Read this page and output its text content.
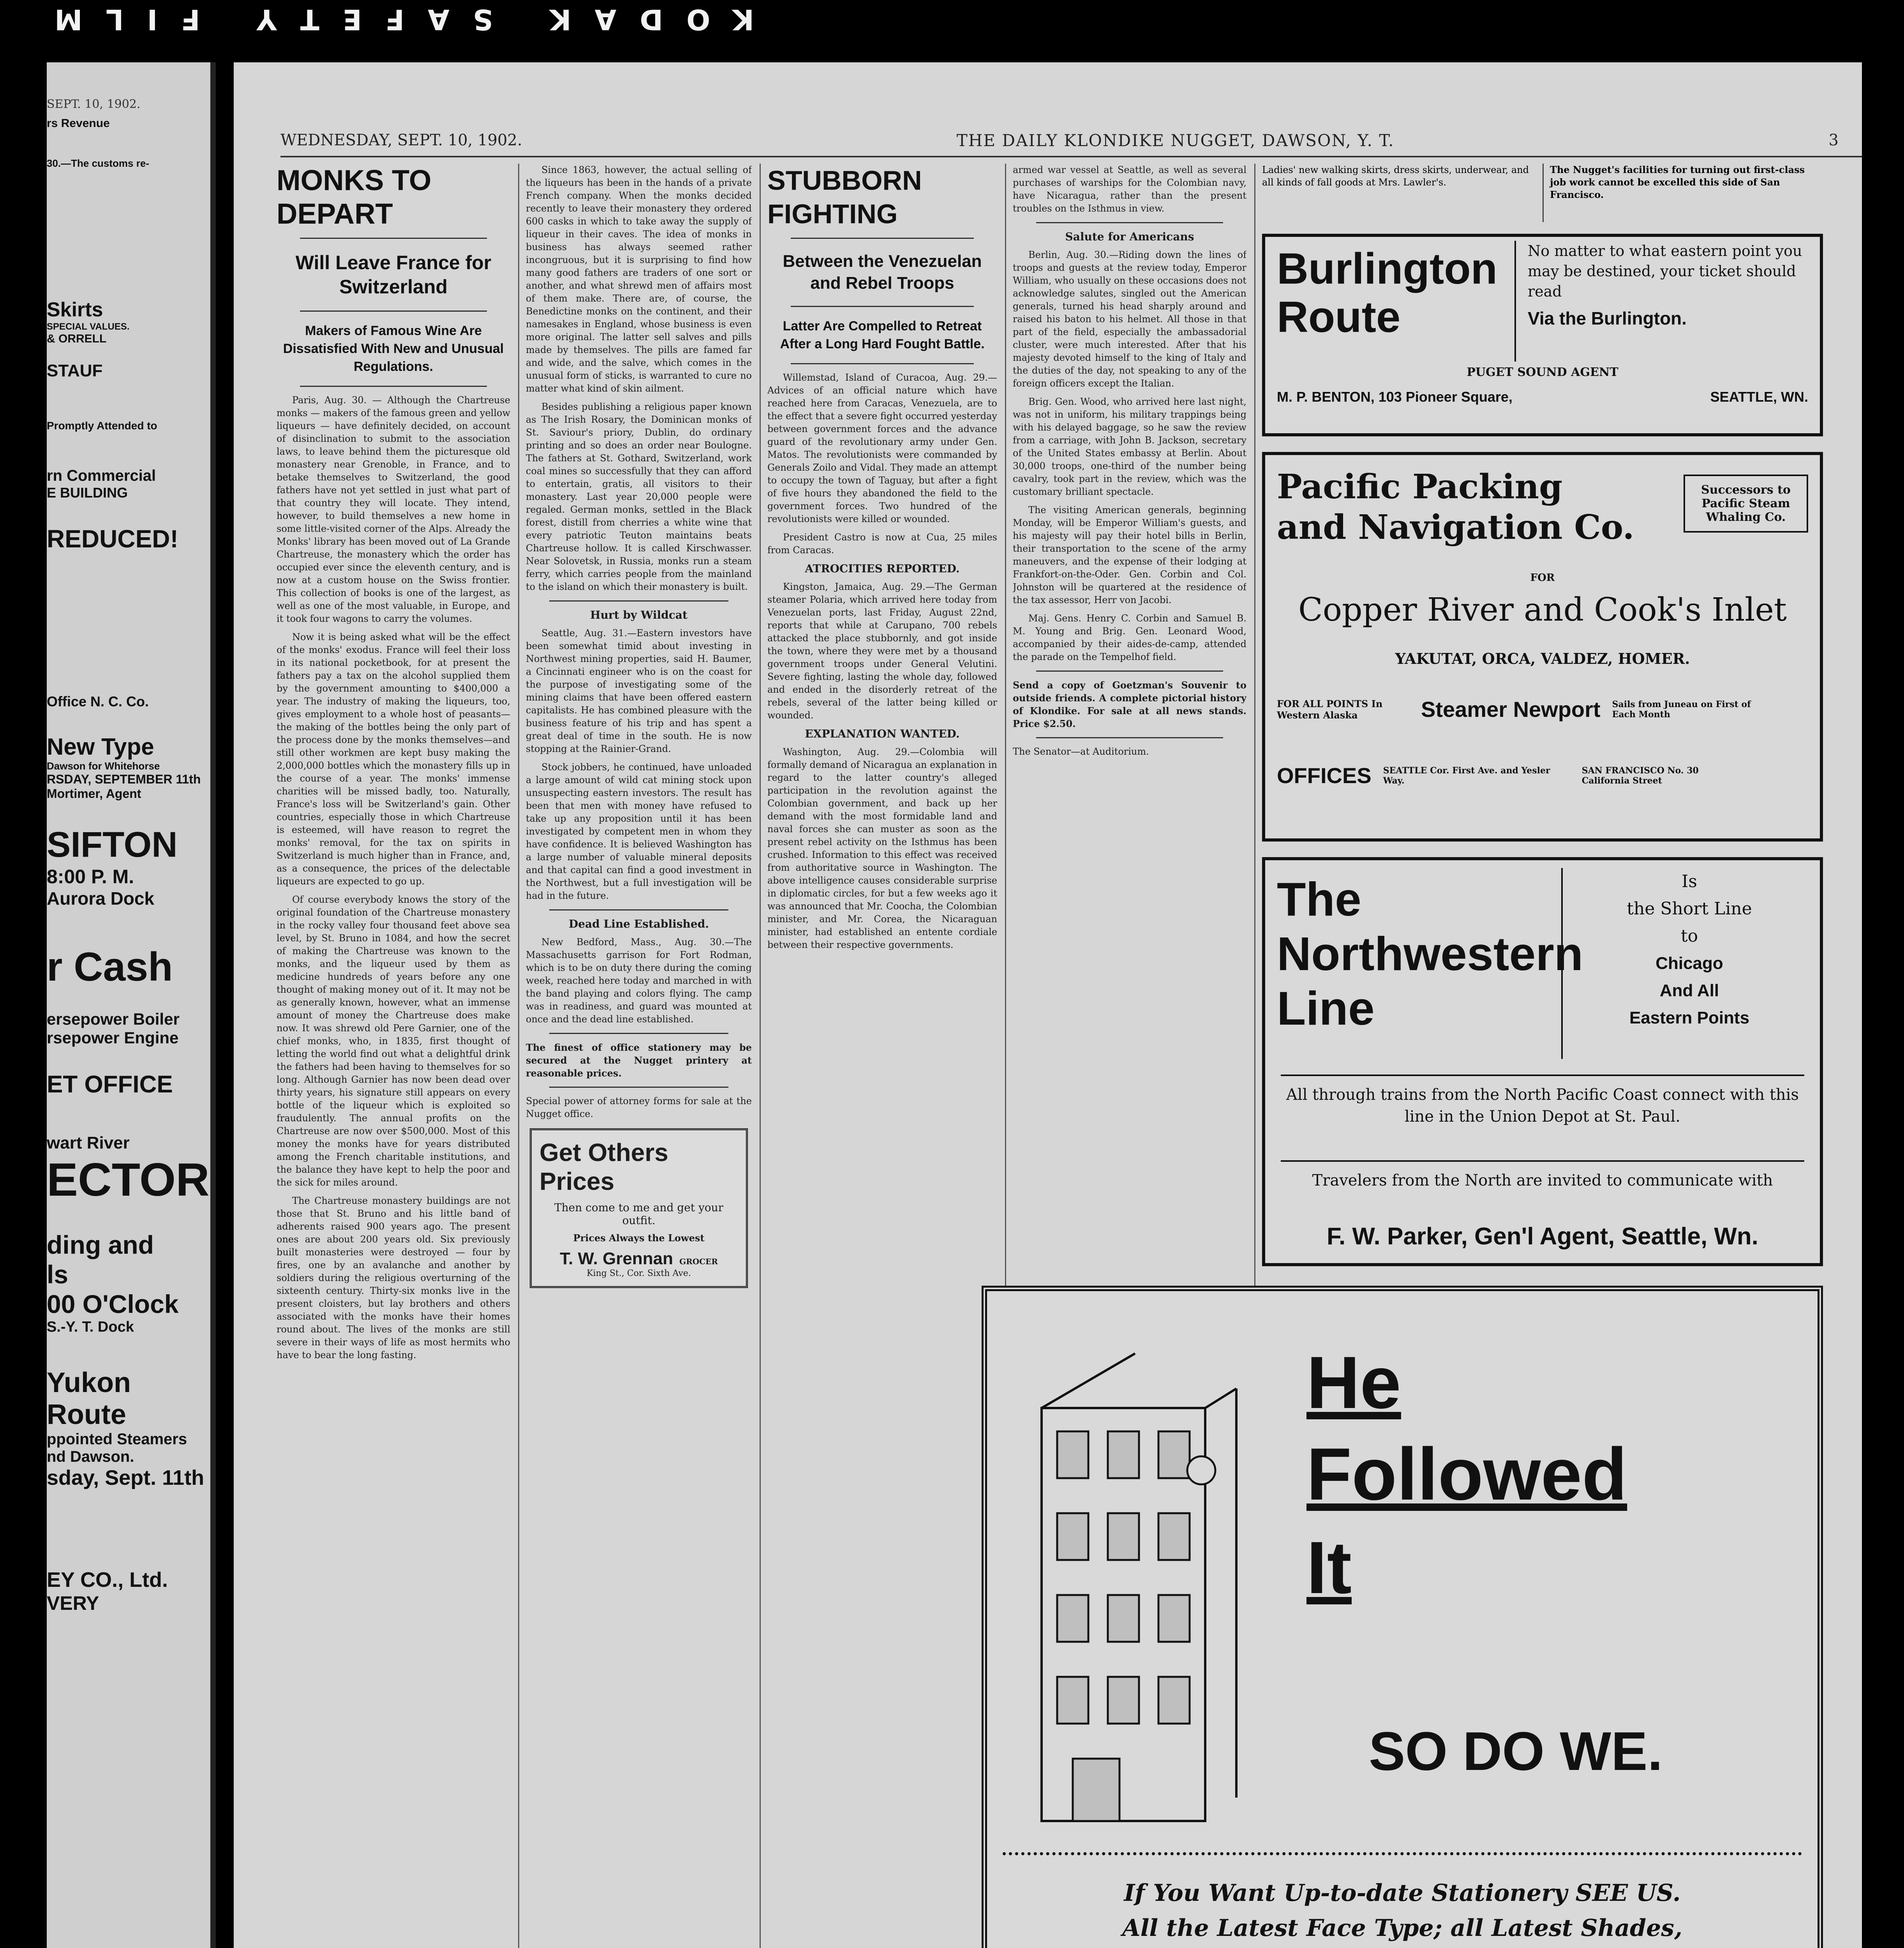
KODAK SAFETY FILM
SEPT. 10, 1902.

rs Revenue

30.—The customs re-

Skirts

SPECIAL VALUES.

& ORRELL

STAUF

Promptly Attended to

rn Commercial

E BUILDING

REDUCED!

Office N. C. Co.

New Type

Dawson for Whitehorse

RSDAY, SEPTEMBER 11th

Mortimer, Agent

SIFTON

8:00 P. M.

Aurora Dock

r Cash

ersepower Boiler

rsepower Engine

ET OFFICE

wart River

ECTOR

ding and

ls

00 O'Clock

S.-Y. T. Dock

Yukon Route

ppointed Steamers

nd Dawson.

sday, Sept. 11th

EY CO., Ltd.

VERY

WEDNESDAY, SEPT. 10, 1902.	THE DAILY KLONDIKE NUGGET, DAWSON, Y. T.	3
MONKS TO DEPART
Will Leave France for Switzerland
Makers of Famous Wine Are Dissatisfied With New and Unusual Regulations.

Paris, Aug. 30. — Although the Chartreuse monks — makers of the famous green and yellow liqueurs — have definitely decided, on account of disinclination to submit to the association laws, to leave behind them the picturesque old monastery near Grenoble, in France, and to betake themselves to Switzerland, the good fathers have not yet settled in just what part of that country they will locate. They intend, however, to build themselves a new home in some little-visited corner of the Alps. Already the Monks' library has been moved out of La Grande Chartreuse, the monastery which the order has occupied ever since the eleventh century, and is now at a custom house on the Swiss frontier. This collection of books is one of the largest, as well as one of the most valuable, in Europe, and it took four wagons to carry the volumes.

Now it is being asked what will be the effect of the monks' exodus. France will feel their loss in its national pocketbook, for at present the fathers pay a tax on the alcohol supplied them by the government amounting to $400,000 a year. The industry of making the liqueurs, too, gives employment to a whole host of peasants—the making of the bottles being the only part of the process done by the monks themselves—and still other workmen are kept busy making the 2,000,000 bottles which the monastery fills up in the course of a year. The monks' immense charities will be missed badly, too. Naturally, France's loss will be Switzerland's gain. Other countries, especially those in which Chartreuse is esteemed, will have reason to regret the monks' removal, for the tax on spirits in Switzerland is much higher than in France, and, as a consequence, the prices of the delectable liqueurs are expected to go up.

Of course everybody knows the story of the original foundation of the Chartreuse monastery in the rocky valley four thousand feet above sea level, by St. Bruno in 1084, and how the secret of making the Chartreuse was known to the monks, and the liqueur used by them as medicine hundreds of years before any one thought of making money out of it. It may not be as generally known, however, what an immense amount of money the Chartreuse does make now. It was shrewd old Pere Garnier, one of the chief monks, who, in 1835, first thought of letting the world find out what a delightful drink the fathers had been having to themselves for so long. Although Garnier has now been dead over thirty years, his signature still appears on every bottle of the liqueur which is exploited so fraudulently. The annual profits on the Chartreuse are now over $500,000. Most of this money the monks have for years distributed among the French charitable institutions, and the balance they have kept to help the poor and the sick for miles around.

The Chartreuse monastery buildings are not those that St. Bruno and his little band of adherents raised 900 years ago. The present ones are about 200 years old. Six previously built monasteries were destroyed — four by fires, one by an avalanche and another by soldiers during the religious overturning of the sixteenth century. Thirty-six monks live in the present cloisters, but lay brothers and others associated with the monks have their homes round about. The lives of the monks are still severe in their ways of life as most hermits who have to bear the long fasting.

Since 1863, however, the actual selling of the liqueurs has been in the hands of a private French company. When the monks decided recently to leave their monastery they ordered 600 casks in which to take away the supply of liqueur in their caves. The idea of monks in business has always seemed rather incongruous, but it is surprising to find how many good fathers are traders of one sort or another, and what shrewd men of affairs most of them make. There are, of course, the Benedictine monks on the continent, and their namesakes in England, whose business is even more original. The latter sell salves and pills made by themselves. The pills are famed far and wide, and the salve, which comes in the unusual form of sticks, is warranted to cure no matter what kind of skin ailment.

Besides publishing a religious paper known as The Irish Rosary, the Dominican monks of St. Saviour's priory, Dublin, do ordinary printing and so does an order near Boulogne. The fathers at St. Gothard, Switzerland, work coal mines so successfully that they can afford to entertain, gratis, all visitors to their monastery. Last year 20,000 people were regaled. German monks, settled in the Black forest, distill from cherries a white wine that every patriotic Teuton maintains beats Chartreuse hollow. It is called Kirschwasser. Near Solovetsk, in Russia, monks run a steam ferry, which carries people from the mainland to the island on which their monastery is built.

Hurt by Wildcat

Seattle, Aug. 31.—Eastern investors have been somewhat timid about investing in Northwest mining properties, said H. Baumer, a Cincinnati engineer who is on the coast for the purpose of investigating some of the mining claims that have been offered eastern capitalists. He has combined pleasure with the business feature of his trip and has spent a great deal of time in the south. He is now stopping at the Rainier-Grand.

Stock jobbers, he continued, have unloaded a large amount of wild cat mining stock upon unsuspecting eastern investors. The result has been that men with money have refused to take up any proposition until it has been investigated by competent men in whom they have confidence. It is believed Washington has a large number of valuable mineral deposits and that capital can find a good investment in the Northwest, but a full investigation will be had in the future.

Dead Line Established.

New Bedford, Mass., Aug. 30.—The Massachusetts garrison for Fort Rodman, which is to be on duty there during the coming week, reached here today and marched in with the band playing and colors flying. The camp was in readiness, and guard was mounted at once and the dead line established.

The finest of office stationery may be secured at the Nugget printery at reasonable prices.

Special power of attorney forms for sale at the Nugget office.

Get Others
Prices
Then come to me and get your outfit.
Prices Always the Lowest
T. W. Grennan GROCER
King St., Cor. Sixth Ave.
STUBBORN FIGHTING
Between the Venezuelan and Rebel Troops
Latter Are Compelled to Retreat After a Long Hard Fought Battle.

Willemstad, Island of Curacoa, Aug. 29.—Advices of an official nature which have reached here from Caracas, Venezuela, are to the effect that a severe fight occurred yesterday between government forces and the advance guard of the revolutionary army under Gen. Matos. The revolutionists were commanded by Generals Zoilo and Vidal. They made an attempt to occupy the town of Taguay, but after a fight of five hours they abandoned the field to the government forces. Two hundred of the revolutionists were killed or wounded.

President Castro is now at Cua, 25 miles from Caracas.

ATROCITIES REPORTED.

Kingston, Jamaica, Aug. 29.—The German steamer Polaria, which arrived here today from Venezuelan ports, last Friday, August 22nd, reports that while at Carupano, 700 rebels attacked the place stubbornly, and got inside the town, where they were met by a thousand government troops under General Velutini. Severe fighting, lasting the whole day, followed and ended in the disorderly retreat of the rebels, several of the latter being killed or wounded.

EXPLANATION WANTED.

Washington, Aug. 29.—Colombia will formally demand of Nicaragua an explanation in regard to the latter country's alleged participation in the revolution against the Colombian government, and back up her demand with the most formidable land and naval forces she can muster as soon as the present rebel activity on the Isthmus has been crushed. Information to this effect was received from authoritative source in Washington. The above intelligence causes considerable surprise in diplomatic circles, for but a few weeks ago it was announced that Mr. Coocha, the Colombian minister, and Mr. Corea, the Nicaraguan minister, had established an entente cordiale between their respective governments.

armed war vessel at Seattle, as well as several purchases of warships for the Colombian navy, have Nicaragua, rather than the present troubles on the Isthmus in view.

Salute for Americans

Berlin, Aug. 30.—Riding down the lines of troops and guests at the review today, Emperor William, who usually on these occasions does not acknowledge salutes, singled out the American generals, turned his head sharply around and raised his baton to his helmet. All those in that part of the field, especially the ambassadorial cluster, were much interested. After that his majesty devoted himself to the king of Italy and the duties of the day, not speaking to any of the foreign officers except the Italian.

Brig. Gen. Wood, who arrived here last night, was not in uniform, his military trappings being with his delayed baggage, so he saw the review from a carriage, with John B. Jackson, secretary of the United States embassy at Berlin. About 30,000 troops, one-third of the number being cavalry, took part in the review, which was the customary brilliant spectacle.

The visiting American generals, beginning Monday, will be Emperor William's guests, and his majesty will pay their hotel bills in Berlin, their transportation to the scene of the army maneuvers, and the expense of their lodging at Frankfort-on-the-Oder. Gen. Corbin and Col. Johnston will be quartered at the residence of the tax assessor, Herr von Jacobi.

Maj. Gens. Henry C. Corbin and Samuel B. M. Young and Brig. Gen. Leonard Wood, accompanied by their aides-de-camp, attended the parade on the Tempelhof field.

Send a copy of Goetzman's Souvenir to outside friends. A complete pictorial history of Klondike. For sale at all news stands. Price $2.50.

The Senator—at Auditorium.

Ladies' new walking skirts, dress skirts, underwear, and all kinds of fall goods at Mrs. Lawler's.

The Nugget's facilities for turning out first-class job work cannot be excelled this side of San Francisco.

Burlington
Route
No matter to what eastern point you may be destined, your ticket should read
Via the Burlington.
PUGET SOUND AGENT
M. P. BENTON, 103 Pioneer Square,	SEATTLE, WN.
Pacific Packing
and Navigation Co.
Successors to Pacific Steam Whaling Co.
FOR
Copper River and Cook's Inlet
YAKUTAT, ORCA, VALDEZ, HOMER.
FOR ALL POINTS In Western Alaska	Steamer Newport Sails from Juneau on First of Each Month
OFFICES SEATTLE Cor. First Ave. and Yesler Way.
SAN FRANCISCO No. 30 California Street
The
Northwestern
Line
Is
the Short Line
to
Chicago
And All
Eastern Points
All through trains from the North Pacific Coast connect with this line in the Union Depot at St. Paul.
Travelers from the North are invited to communicate with
F. W. Parker, Gen'l Agent, Seattle, Wn.
He
Followed
It
SO DO WE.
If You Want Up-to-date Stationery SEE US.
All the Latest Face Type; all Latest Shades,
